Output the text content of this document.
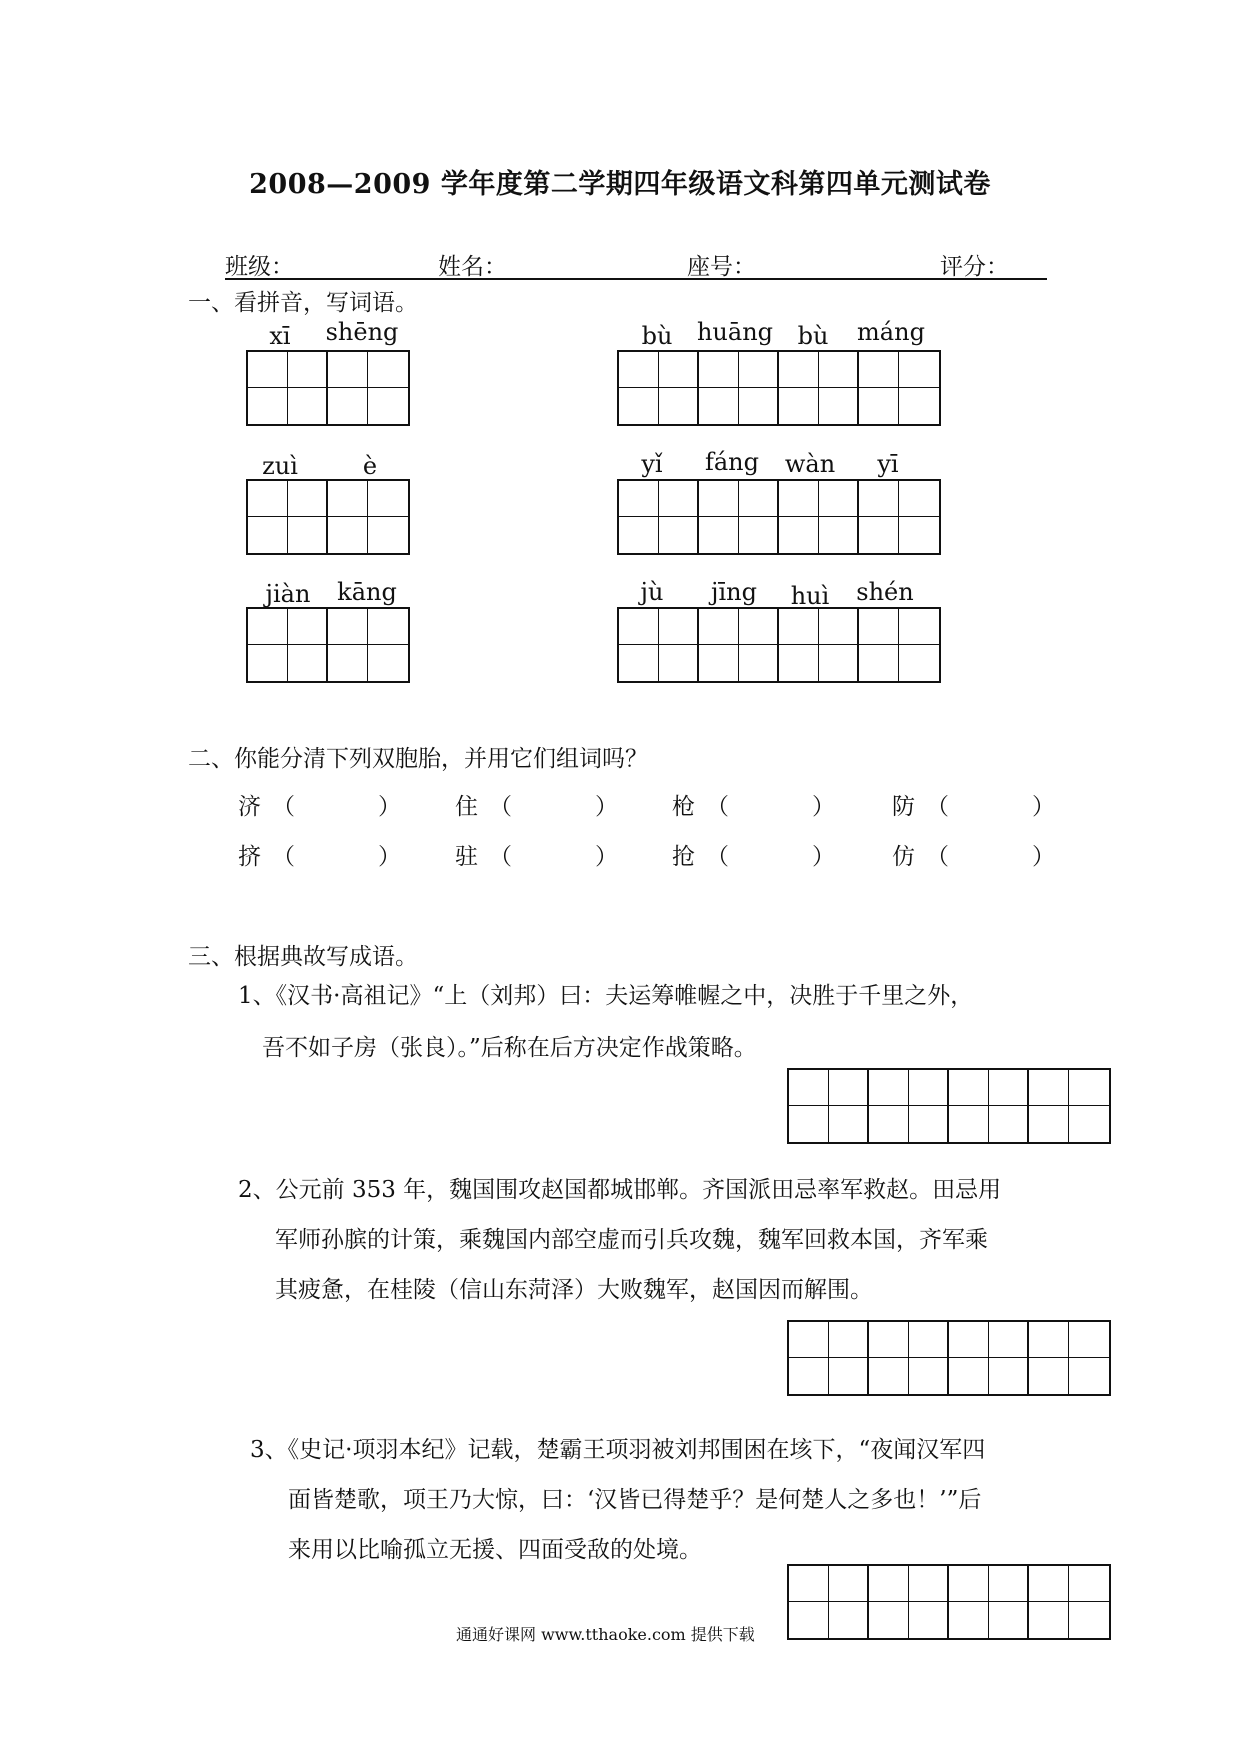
2008—2009 学年度第二学期四年级语文科第四单元测试卷
班级：	姓名：	座号：	评分：
一、看拼音，写词语。
xī	shēng	bù	huāng	bù	máng
zuì	è	yǐ	fáng	wàn	yī
jiàn	kāng	jù	jīng	huì	shén
二、你能分清下列双胞胎，并用它们组词吗？
济 （	） 住 （	） 枪 （	） 防 （	）
挤 （	） 驻 （	） 抢 （	） 仿 （	）
三、根据典故写成语。
1、《汉书·高祖记》“上（刘邦）曰：夫运筹帷幄之中，决胜于千里之外，
吾不如子房（张良）。”后称在后方决定作战策略。
2、公元前 353 年，魏国围攻赵国都城邯郸。齐国派田忌率军救赵。田忌用
军师孙膑的计策，乘魏国内部空虚而引兵攻魏，魏军回救本国，齐军乘
其疲惫，在桂陵（信山东菏泽）大败魏军，赵国因而解围。
3、《史记·项羽本纪》记载，楚霸王项羽被刘邦围困在垓下，“夜闻汉军四
面皆楚歌，项王乃大惊，曰：‘汉皆已得楚乎？是何楚人之多也！’”后
来用以比喻孤立无援、四面受敌的处境。
通通好课网 www.tthaoke.com 提供下载
